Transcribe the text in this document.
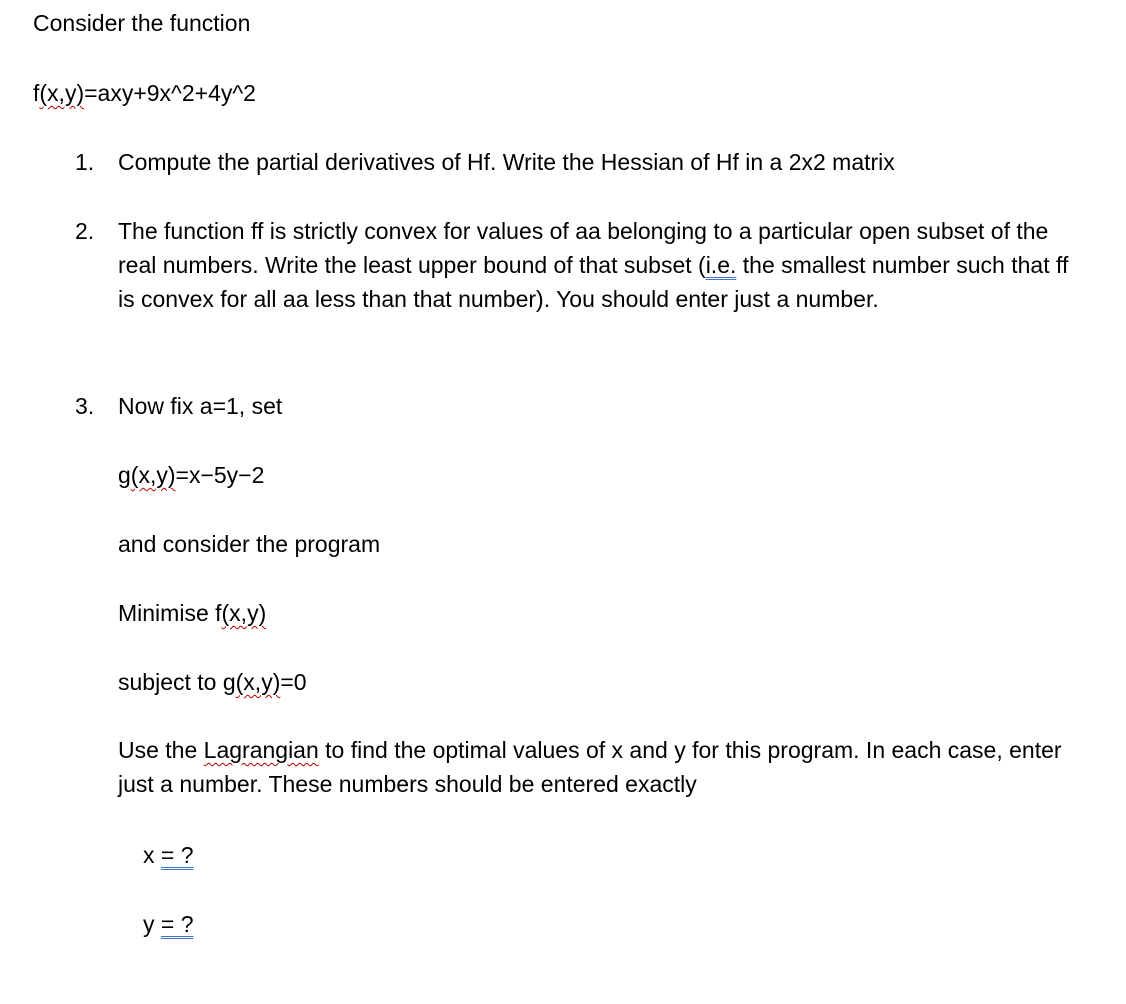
Consider the function
f(x,y)=axy+9x^2+4y^2
1. Compute the partial derivatives of Hf. Write the Hessian of Hf in a 2x2 matrix
2. The function ff is strictly convex for values of aa belonging to a particular open subset of the real numbers. Write the least upper bound of that subset (i.e. the smallest number such that ff is convex for all aa less than that number). You should enter just a number.
3. Now fix a=1, set
g(x,y)=x−5y−2
and consider the program
Minimise f(x,y)
subject to g(x,y)=0
Use the Lagrangian to find the optimal values of x and y for this program. In each case, enter just a number. These numbers should be entered exactly
x = ?
y = ?
